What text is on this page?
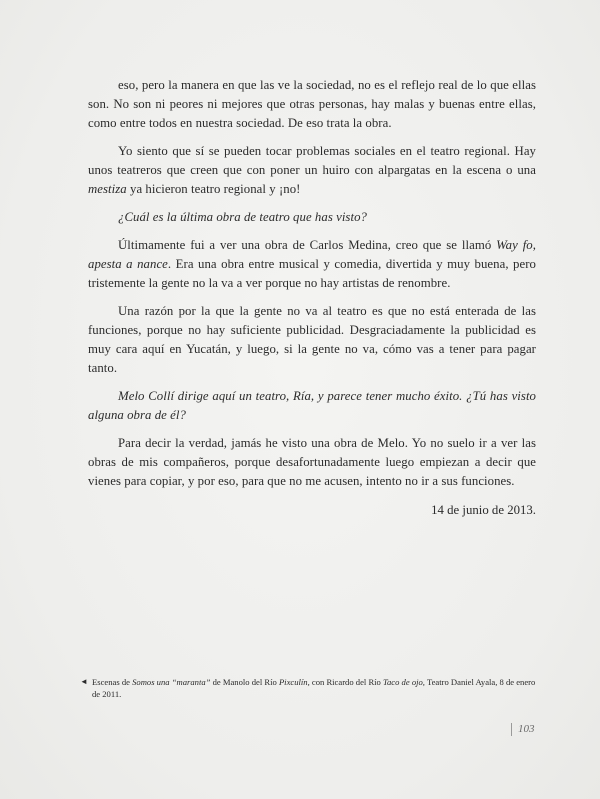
eso, pero la manera en que las ve la sociedad, no es el reflejo real de lo que ellas son. No son ni peores ni mejores que otras personas, hay malas y buenas entre ellas, como entre todos en nuestra sociedad. De eso trata la obra.

Yo siento que sí se pueden tocar problemas sociales en el teatro regional. Hay unos teatreros que creen que con poner un huiro con alpargatas en la escena o una mestiza ya hicieron teatro regional y ¡no!

¿Cuál es la última obra de teatro que has visto?

Últimamente fui a ver una obra de Carlos Medina, creo que se llamó Way fo, apesta a nance. Era una obra entre musical y comedia, divertida y muy buena, pero tristemente la gente no la va a ver porque no hay artistas de renombre.

Una razón por la que la gente no va al teatro es que no está enterada de las funciones, porque no hay suficiente publicidad. Desgraciadamente la publicidad es muy cara aquí en Yucatán, y luego, si la gente no va, cómo vas a tener para pagar tanto.

Melo Collí dirige aquí un teatro, Ría, y parece tener mucho éxito. ¿Tú has visto alguna obra de él?

Para decir la verdad, jamás he visto una obra de Melo. Yo no suelo ir a ver las obras de mis compañeros, porque desafortunadamente luego empiezan a decir que vienes para copiar, y por eso, para que no me acusen, intento no ir a sus funciones.

14 de junio de 2013.

◄ Escenas de Somos una “maranta” de Manolo del Río Pixculín, con Ricardo del Río Taco de ojo, Teatro Daniel Ayala, 8 de enero de 2011.
103
